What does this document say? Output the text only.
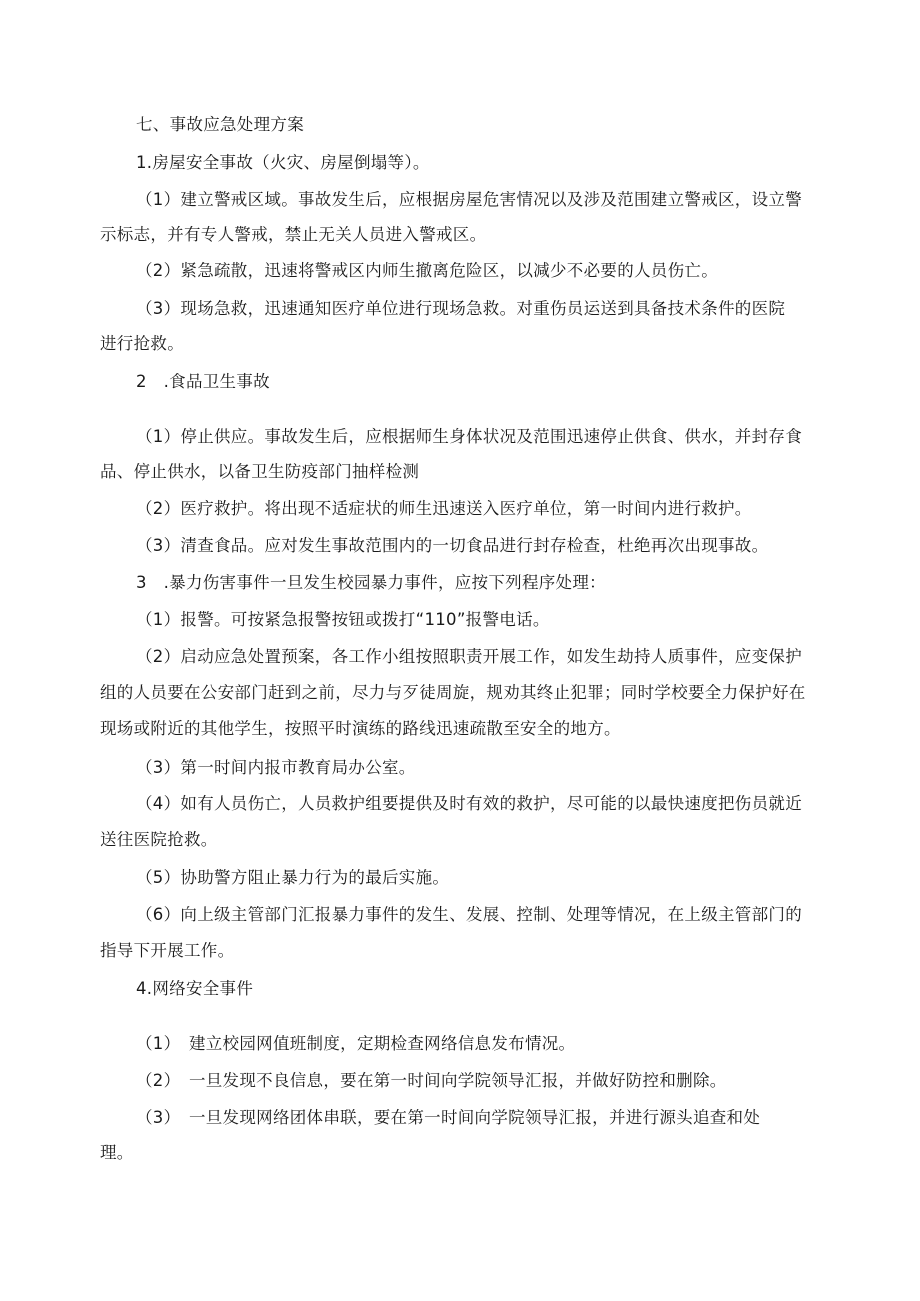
七、事故应急处理方案
1.房屋安全事故（火灾、房屋倒塌等）。
（1）建立警戒区域。事故发生后，应根据房屋危害情况以及涉及范围建立警戒区，设立警
示标志，并有专人警戒，禁止无关人员进入警戒区。
（2）紧急疏散，迅速将警戒区内师生撤离危险区，以减少不必要的人员伤亡。
（3）现场急救，迅速通知医疗单位进行现场急救。对重伤员运送到具备技术条件的医院
进行抢救。
2　.食品卫生事故
（1）停止供应。事故发生后，应根据师生身体状况及范围迅速停止供食、供水，并封存食
品、停止供水，以备卫生防疫部门抽样检测
（2）医疗救护。将出现不适症状的师生迅速送入医疗单位，第一时间内进行救护。
（3）清查食品。应对发生事故范围内的一切食品进行封存检查，杜绝再次出现事故。
3　.暴力伤害事件一旦发生校园暴力事件，应按下列程序处理：
（1）报警。可按紧急报警按钮或拨打“110”报警电话。
（2）启动应急处置预案，各工作小组按照职责开展工作，如发生劫持人质事件，应变保护
组的人员要在公安部门赶到之前，尽力与歹徒周旋，规劝其终止犯罪；同时学校要全力保护好在
现场或附近的其他学生，按照平时演练的路线迅速疏散至安全的地方。
（3）第一时间内报市教育局办公室。
（4）如有人员伤亡，人员救护组要提供及时有效的救护，尽可能的以最快速度把伤员就近
送往医院抢救。
（5）协助警方阻止暴力行为的最后实施。
（6）向上级主管部门汇报暴力事件的发生、发展、控制、处理等情况，在上级主管部门的
指导下开展工作。
4.网络安全事件
（1）　建立校园网值班制度，定期检查网络信息发布情况。
（2）　一旦发现不良信息，要在第一时间向学院领导汇报，并做好防控和删除。
（3）　一旦发现网络团体串联，要在第一时间向学院领导汇报，并进行源头追查和处
理。
